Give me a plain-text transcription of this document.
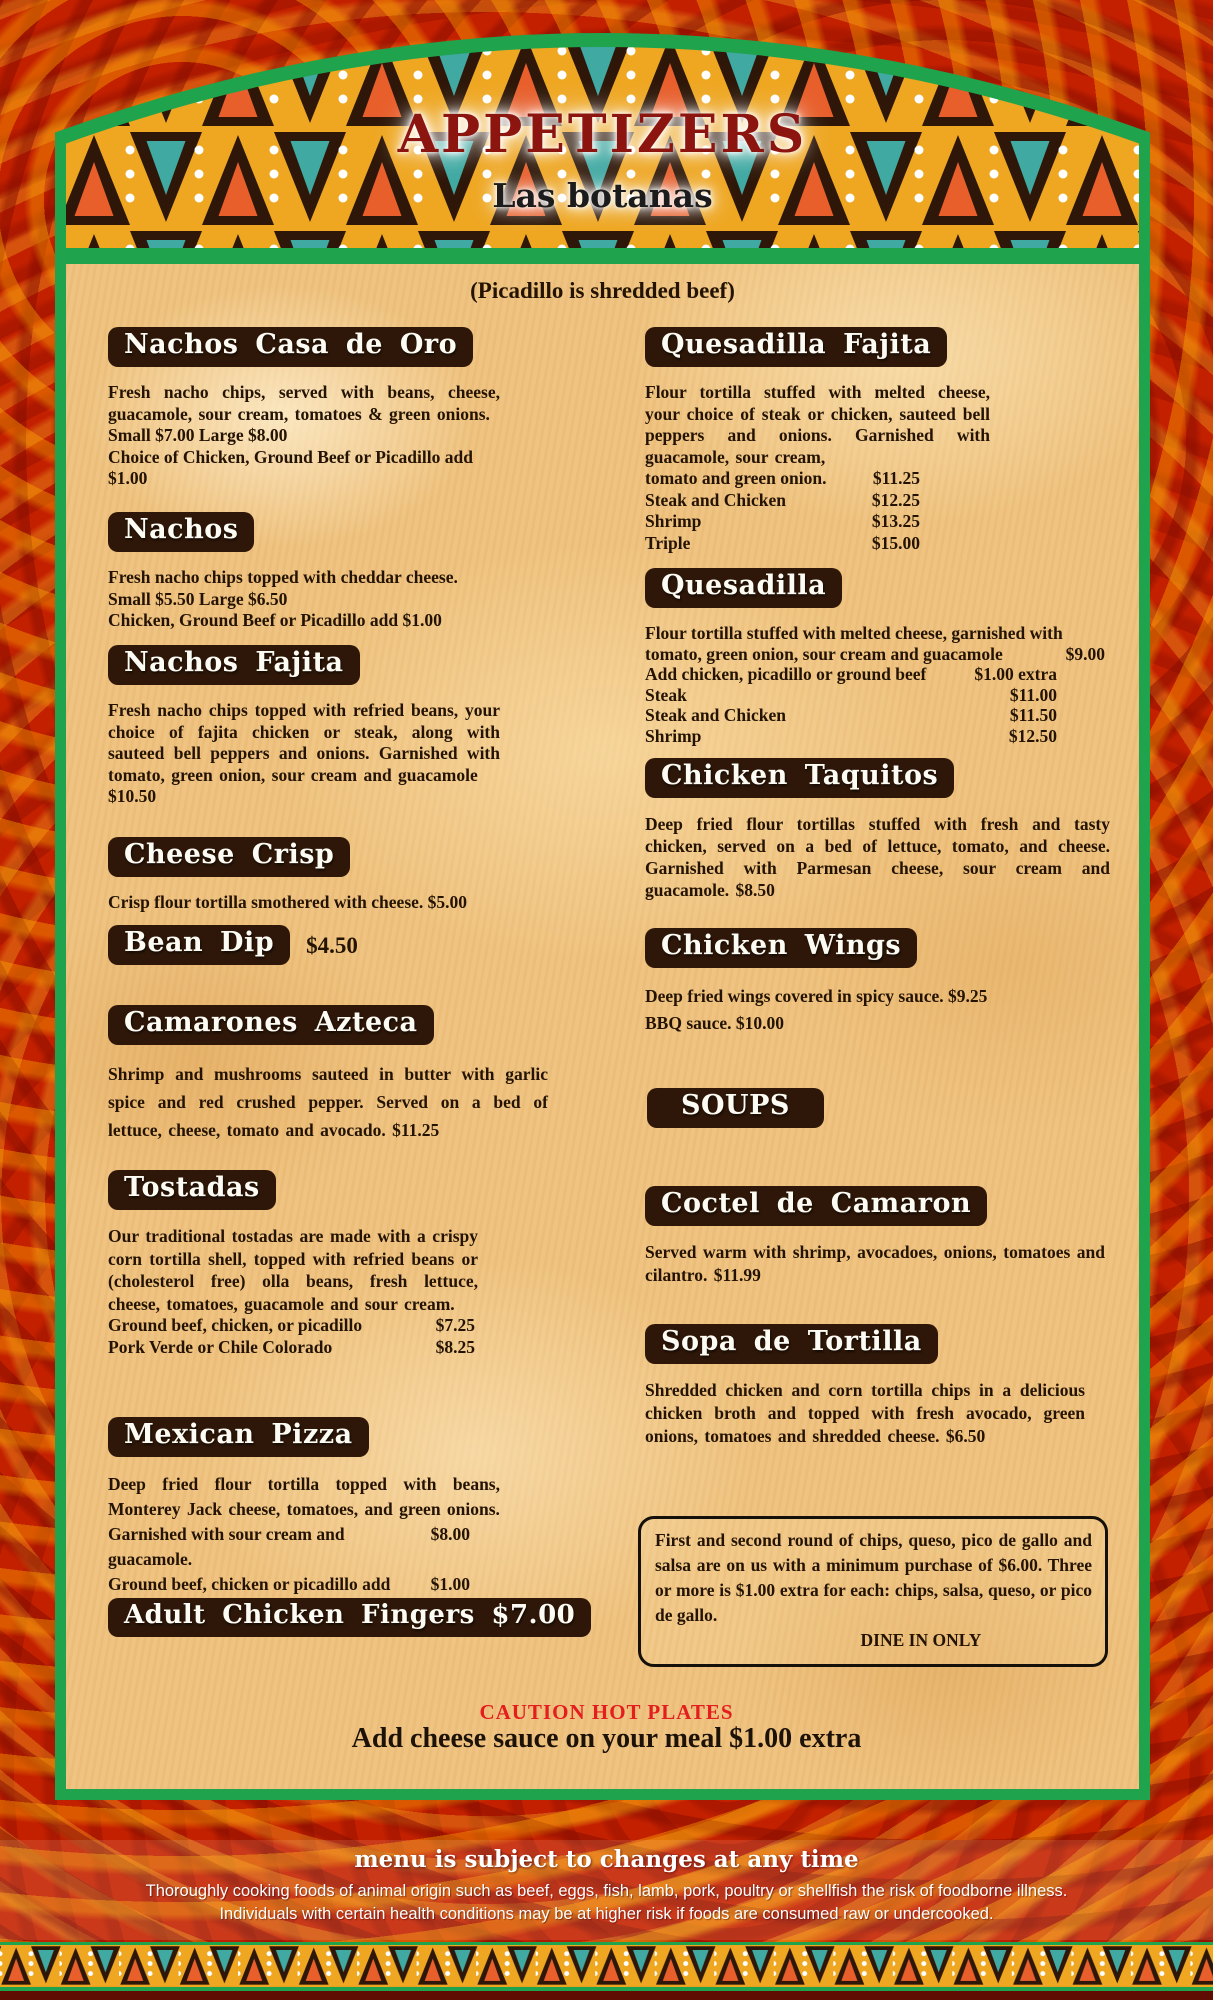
APPETIZERS
Las botanas
(Picadillo is shredded beef)
Nachos Casa de Oro

Fresh nacho chips, served with beans, cheese, guacamole, sour cream, tomatoes & green onions.

Small $7.00 Large $8.00

Choice of Chicken, Ground Beef or Picadillo add $1.00

Nachos

Fresh nacho chips topped with cheddar cheese.

Small $5.50 Large $6.50

Chicken, Ground Beef or Picadillo add $1.00

Nachos Fajita

Fresh nacho chips topped with refried beans, your choice of fajita chicken or steak, along with sauteed bell peppers and onions. Garnished with tomato, green onion, sour cream and guacamole

$10.50

Cheese Crisp

Crisp flour tortilla smothered with cheese. $5.00

Bean Dip	$4.50
Camarones Azteca

Shrimp and mushrooms sauteed in butter with garlic spice and red crushed pepper. Served on a bed of lettuce, cheese, tomato and avocado. $11.25

Tostadas

Our traditional tostadas are made with a crispy corn tortilla shell, topped with refried beans or (cholesterol free) olla beans, fresh lettuce, cheese, tomatoes, guacamole and sour cream.

Ground beef, chicken, or picadillo	$7.25
Pork Verde or Chile Colorado	$8.25
Mexican Pizza

Deep fried flour tortilla topped with beans, Monterey Jack cheese, tomatoes, and green onions.

Garnished with sour cream and guacamole.
$8.00
Ground beef, chicken or picadillo add $1.00
Adult Chicken Fingers $7.00
Quesadilla Fajita

Flour tortilla stuffed with melted cheese, your choice of steak or chicken, sauteed bell peppers and onions. Garnished with guacamole, sour cream,

tomato and green onion.	$11.25
Steak and Chicken	$12.25
Shrimp	$13.25
Triple	$15.00
Quesadilla

Flour tortilla stuffed with melted cheese, garnished with

tomato, green onion, sour cream and guacamole	$9.00
Add chicken, picadillo or ground beef	$1.00 extra
Steak	$11.00
Steak and Chicken	$11.50
Shrimp	$12.50
Chicken Taquitos

Deep fried flour tortillas stuffed with fresh and tasty chicken, served on a bed of lettuce, tomato, and cheese. Garnished with Parmesan cheese, sour cream and guacamole. $8.50

Chicken Wings

Deep fried wings covered in spicy sauce. $9.25

BBQ sauce. $10.00

SOUPS
Coctel de Camaron

Served warm with shrimp, avocadoes, onions, tomatoes and cilantro. $11.99

Sopa de Tortilla

Shredded chicken and corn tortilla chips in a delicious chicken broth and topped with fresh avocado, green onions, tomatoes and shredded cheese. $6.50

First and second round of chips, queso, pico de gallo and salsa are on us with a minimum purchase of $6.00. Three or more is $1.00 extra for each: chips, salsa, queso, or pico de gallo.
DINE IN ONLY
CAUTION HOT PLATES
Add cheese sauce on your meal $1.00 extra
menu is subject to changes at any time
Thoroughly cooking foods of animal origin such as beef, eggs, fish, lamb, pork, poultry or shellfish the risk of foodborne illness.
Individuals with certain health conditions may be at higher risk if foods are consumed raw or undercooked.
